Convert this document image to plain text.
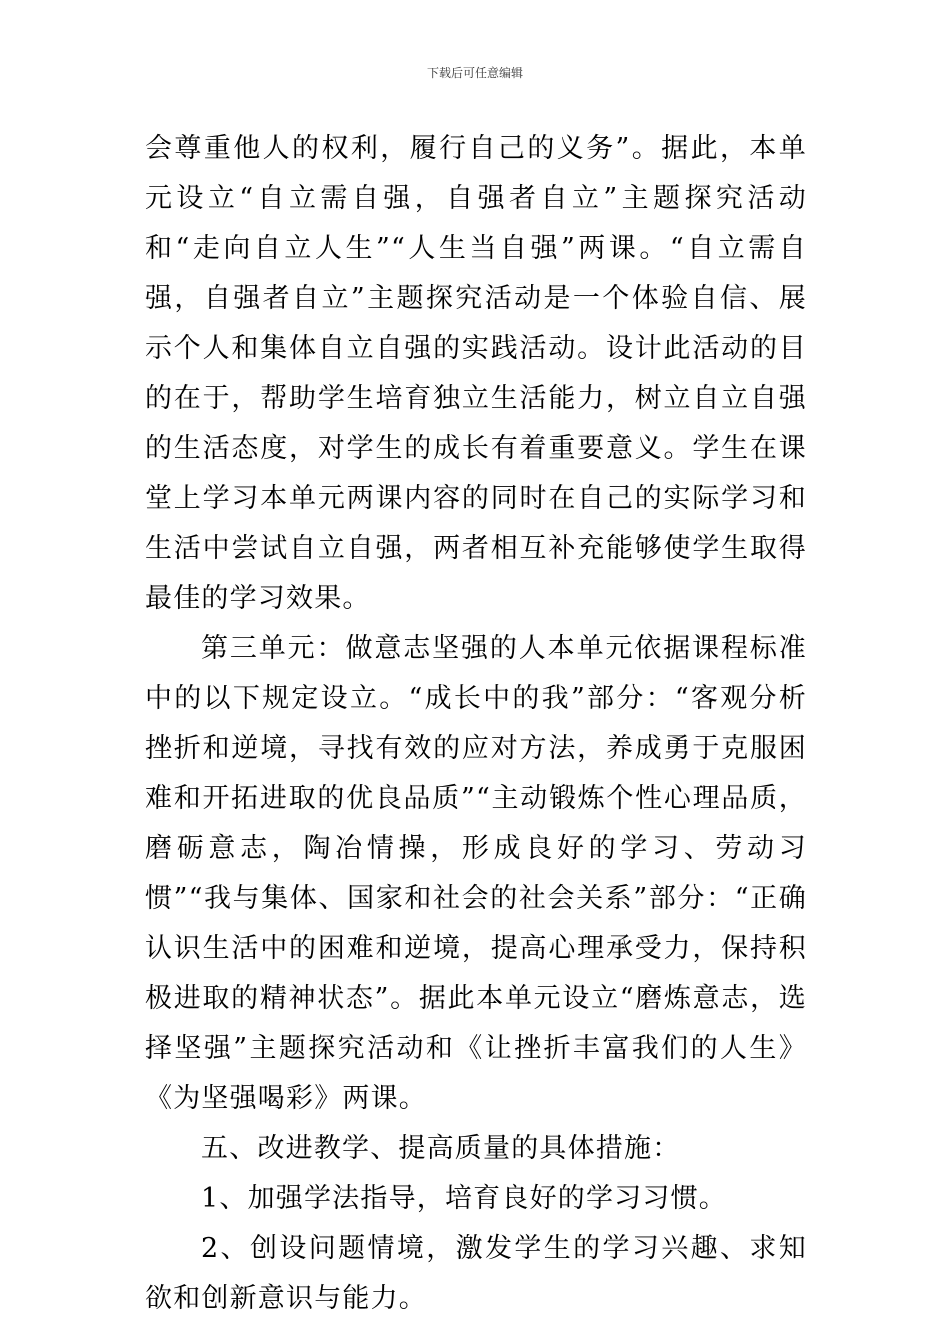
下载后可任意编辑

会尊重他人的权利，履行自己的义务”。据此，本单元设立“自立需自强，自强者自立”主题探究活动和“走向自立人生”“人生当自强”两课。“自立需自强，自强者自立”主题探究活动是一个体验自信、展示个人和集体自立自强的实践活动。设计此活动的目的在于，帮助学生培育独立生活能力，树立自立自强的生活态度，对学生的成长有着重要意义。学生在课堂上学习本单元两课内容的同时在自己的实际学习和生活中尝试自立自强，两者相互补充能够使学生取得最佳的学习效果。

第三单元：做意志坚强的人本单元依据课程标准中的以下规定设立。“成长中的我”部分：“客观分析挫折和逆境，寻找有效的应对方法，养成勇于克服困难和开拓进取的优良品质”“主动锻炼个性心理品质，磨砺意志，陶冶情操，形成良好的学习、劳动习惯”“我与集体、国家和社会的社会关系”部分：“正确认识生活中的困难和逆境，提高心理承受力，保持积极进取的精神状态”。据此本单元设立“磨炼意志，选择坚强”主题探究活动和《让挫折丰富我们的人生》《为坚强喝彩》两课。

五、改进教学、提高质量的具体措施：

1、加强学法指导，培育良好的学习习惯。

2、创设问题情境，激发学生的学习兴趣、求知欲和创新意识与能力。
